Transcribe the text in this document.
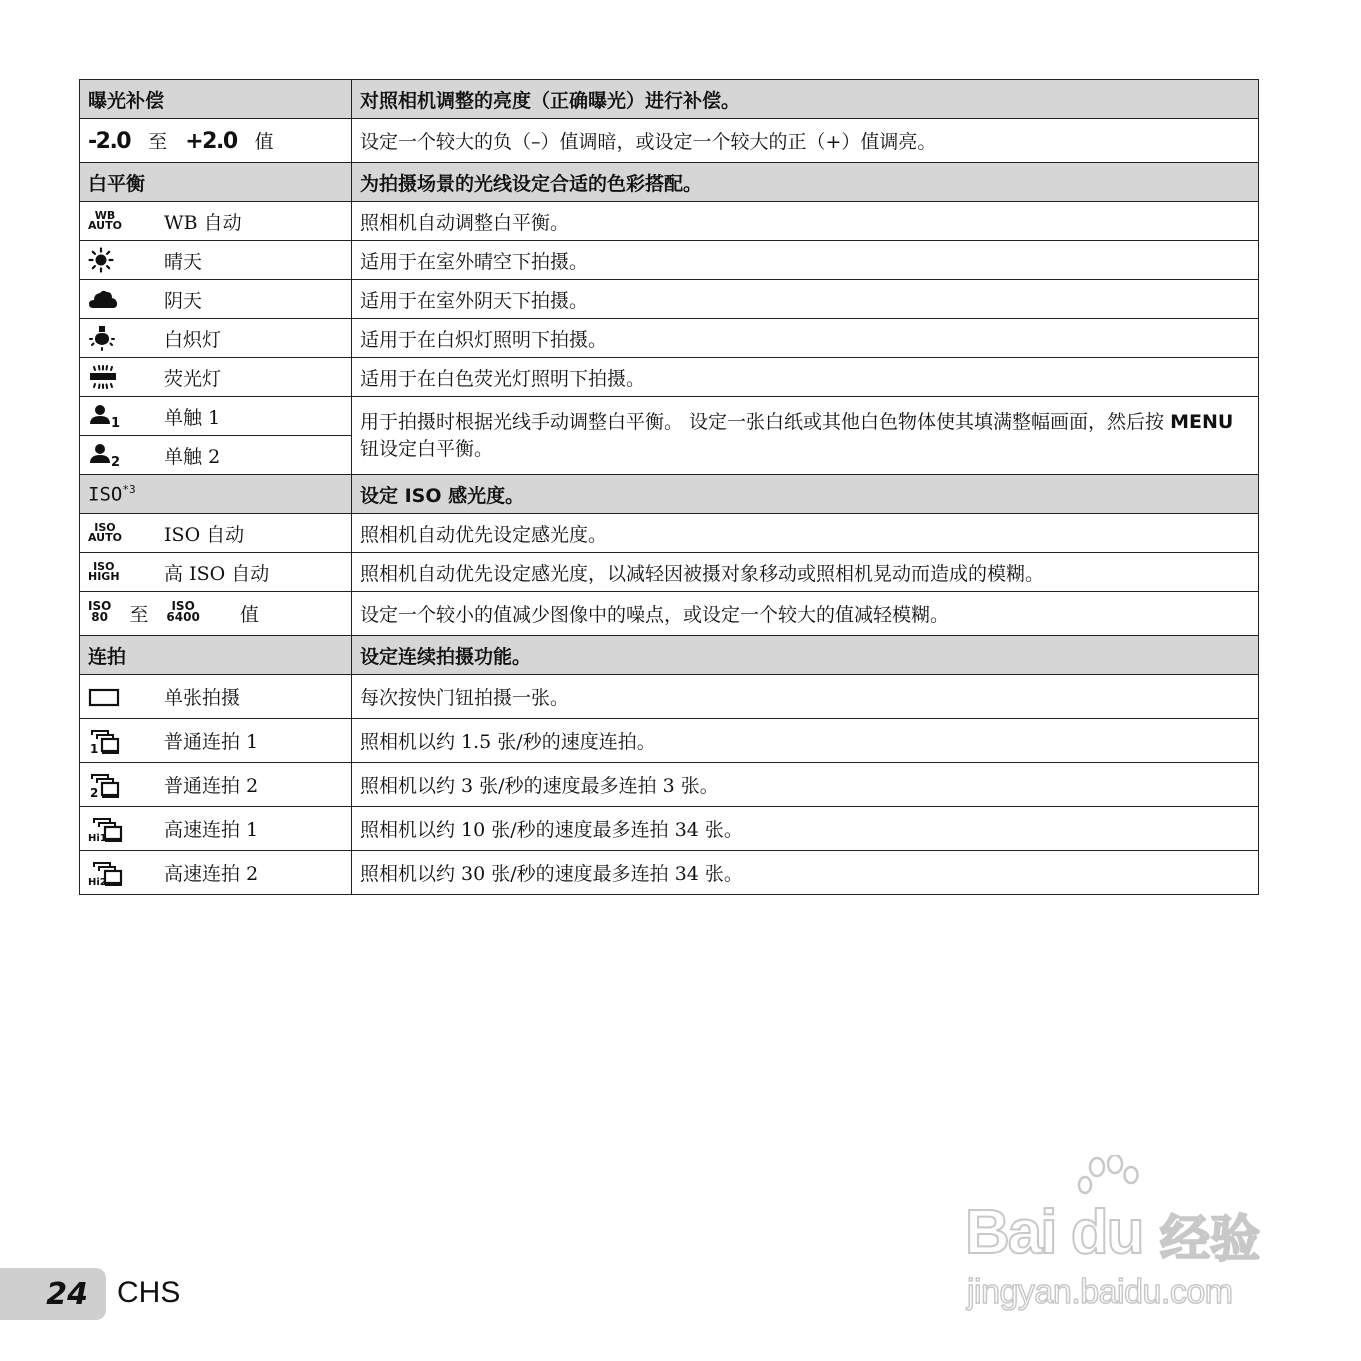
曝光补偿	对照相机调整的亮度（正确曝光）进行补偿。
-2.0 至 +2.0 值	设定一个较大的负（–）值调暗，或设定一个较大的正（+）值调亮。
白平衡	为拍摄场景的光线设定合适的色彩搭配。

WB
AUTO WB 自动	照相机自动调整白平衡。

晴天	适用于在室外晴空下拍摄。

阴天	适用于在室外阴天下拍摄。

白炽灯	适用于在白炽灯照明下拍摄。

荧光灯	适用于在白色荧光灯照明下拍摄。

1 单触 1	用于拍摄时根据光线手动调整白平衡。 设定一张白纸或其他白色物体使其填满整幅画面，然后按 MENU 钮设定白平衡。

2 单触 2	
ISO$^{*3}$	设定 ISO 感光度。

ISO
AUTO ISO 自动	照相机自动优先设定感光度。

ISO
HIGH 高 ISO 自动	照相机自动优先设定感光度，以减轻因被摄对象移动或照相机晃动而造成的模糊。
ISO
80 至 ISO
6400 值	设定一个较小的值减少图像中的噪点，或设定一个较大的值减轻模糊。
连拍	设定连续拍摄功能。

单张拍摄	每次按快门钮拍摄一张。

1 普通连拍 1	照相机以约 1.5 张/秒的速度连拍。

2 普通连拍 2	照相机以约 3 张/秒的速度最多连拍 3 张。

Hi1 高速连拍 1	照相机以约 10 张/秒的速度最多连拍 34 张。

Hi2 高速连拍 2	照相机以约 30 张/秒的速度最多连拍 34 张。
24 CHS
Bai du 经验
jingyan.baidu.com
